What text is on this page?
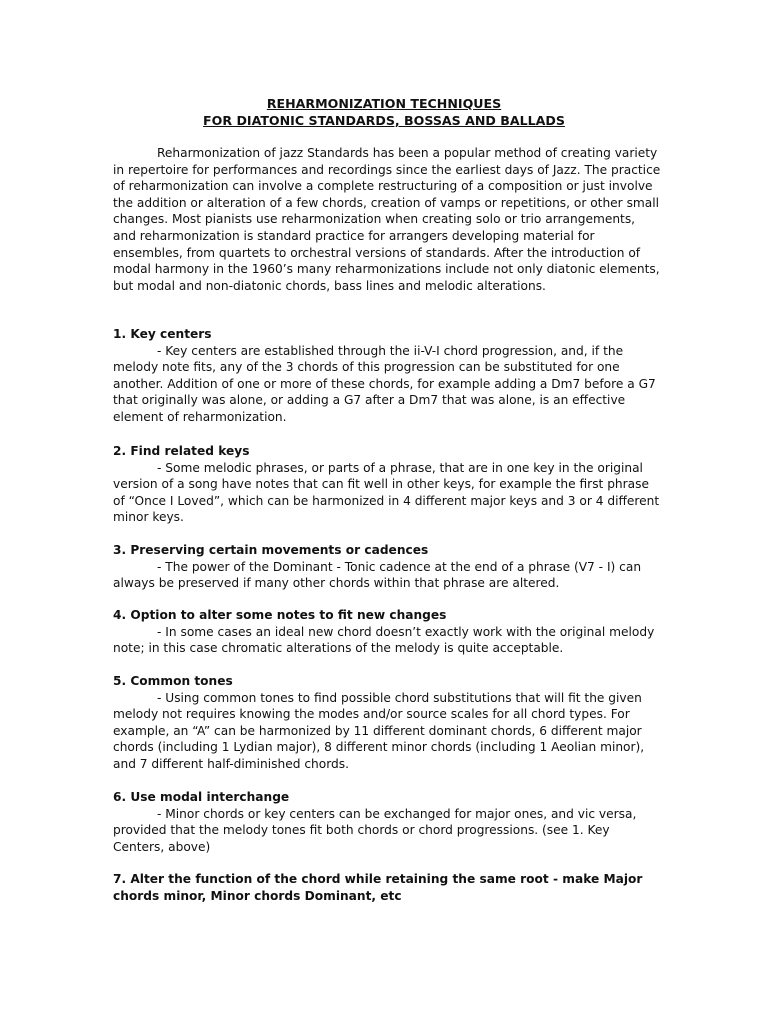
REHARMONIZATION TECHNIQUES
FOR DIATONIC STANDARDS, BOSSAS AND BALLADS

Reharmonization of jazz Standards has been a popular method of creating variety in repertoire for performances and recordings since the earliest days of Jazz. The practice of reharmonization can involve a complete restructuring of a composition or just involve the addition or alteration of a few chords, creation of vamps or repetitions, or other small changes. Most pianists use reharmonization when creating solo or trio arrangements, and reharmonization is standard practice for arrangers developing material for ensembles, from quartets to orchestral versions of standards. After the introduction of modal harmony in the 1960’s many reharmonizations include not only diatonic elements, but modal and non-diatonic chords, bass lines and melodic alterations.

1. Key centers

- Key centers are established through the ii-V-I chord progression, and, if the melody note fits, any of the 3 chords of this progression can be substituted for one another. Addition of one or more of these chords, for example adding a Dm7 before a G7 that originally was alone, or adding a G7 after a Dm7 that was alone, is an effective element of reharmonization.

2. Find related keys

- Some melodic phrases, or parts of a phrase, that are in one key in the original version of a song have notes that can fit well in other keys, for example the first phrase of “Once I Loved”, which can be harmonized in 4 different major keys and 3 or 4 different minor keys.

3. Preserving certain movements or cadences

- The power of the Dominant - Tonic cadence at the end of a phrase (V7 - I) can always be preserved if many other chords within that phrase are altered.

4. Option to alter some notes to fit new changes

- In some cases an ideal new chord doesn’t exactly work with the original melody note; in this case chromatic alterations of the melody is quite acceptable.

5. Common tones

- Using common tones to find possible chord substitutions that will fit the given melody not requires knowing the modes and/or source scales for all chord types. For example, an “A” can be harmonized by 11 different dominant chords, 6 different major chords (including 1 Lydian major), 8 different minor chords (including 1 Aeolian minor), and 7 different half-diminished chords.

6. Use modal interchange

- Minor chords or key centers can be exchanged for major ones, and vic versa, provided that the melody tones fit both chords or chord progressions. (see 1. Key Centers, above)

7. Alter the function of the chord while retaining the same root - make Major chords minor, Minor chords Dominant, etc
